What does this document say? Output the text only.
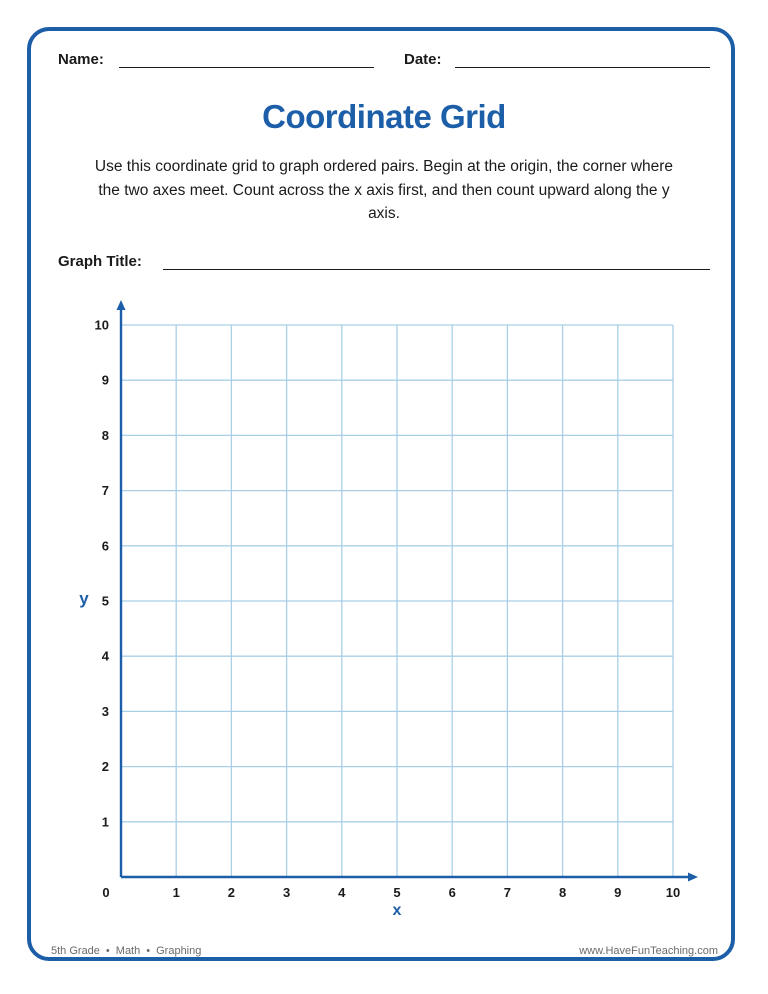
Name:	Date:
Coordinate Grid
Use this coordinate grid to graph ordered pairs. Begin at the origin, the corner where the two axes meet. Count across the x axis first, and then count upward along the y axis.
Graph Title:
0	1	2	3	4	5	6	7	8	9	10
1
2
3
4
5
6
7
8
9
10
x
y
5th Grade • Math • Graphing	www.HaveFunTeaching.com
